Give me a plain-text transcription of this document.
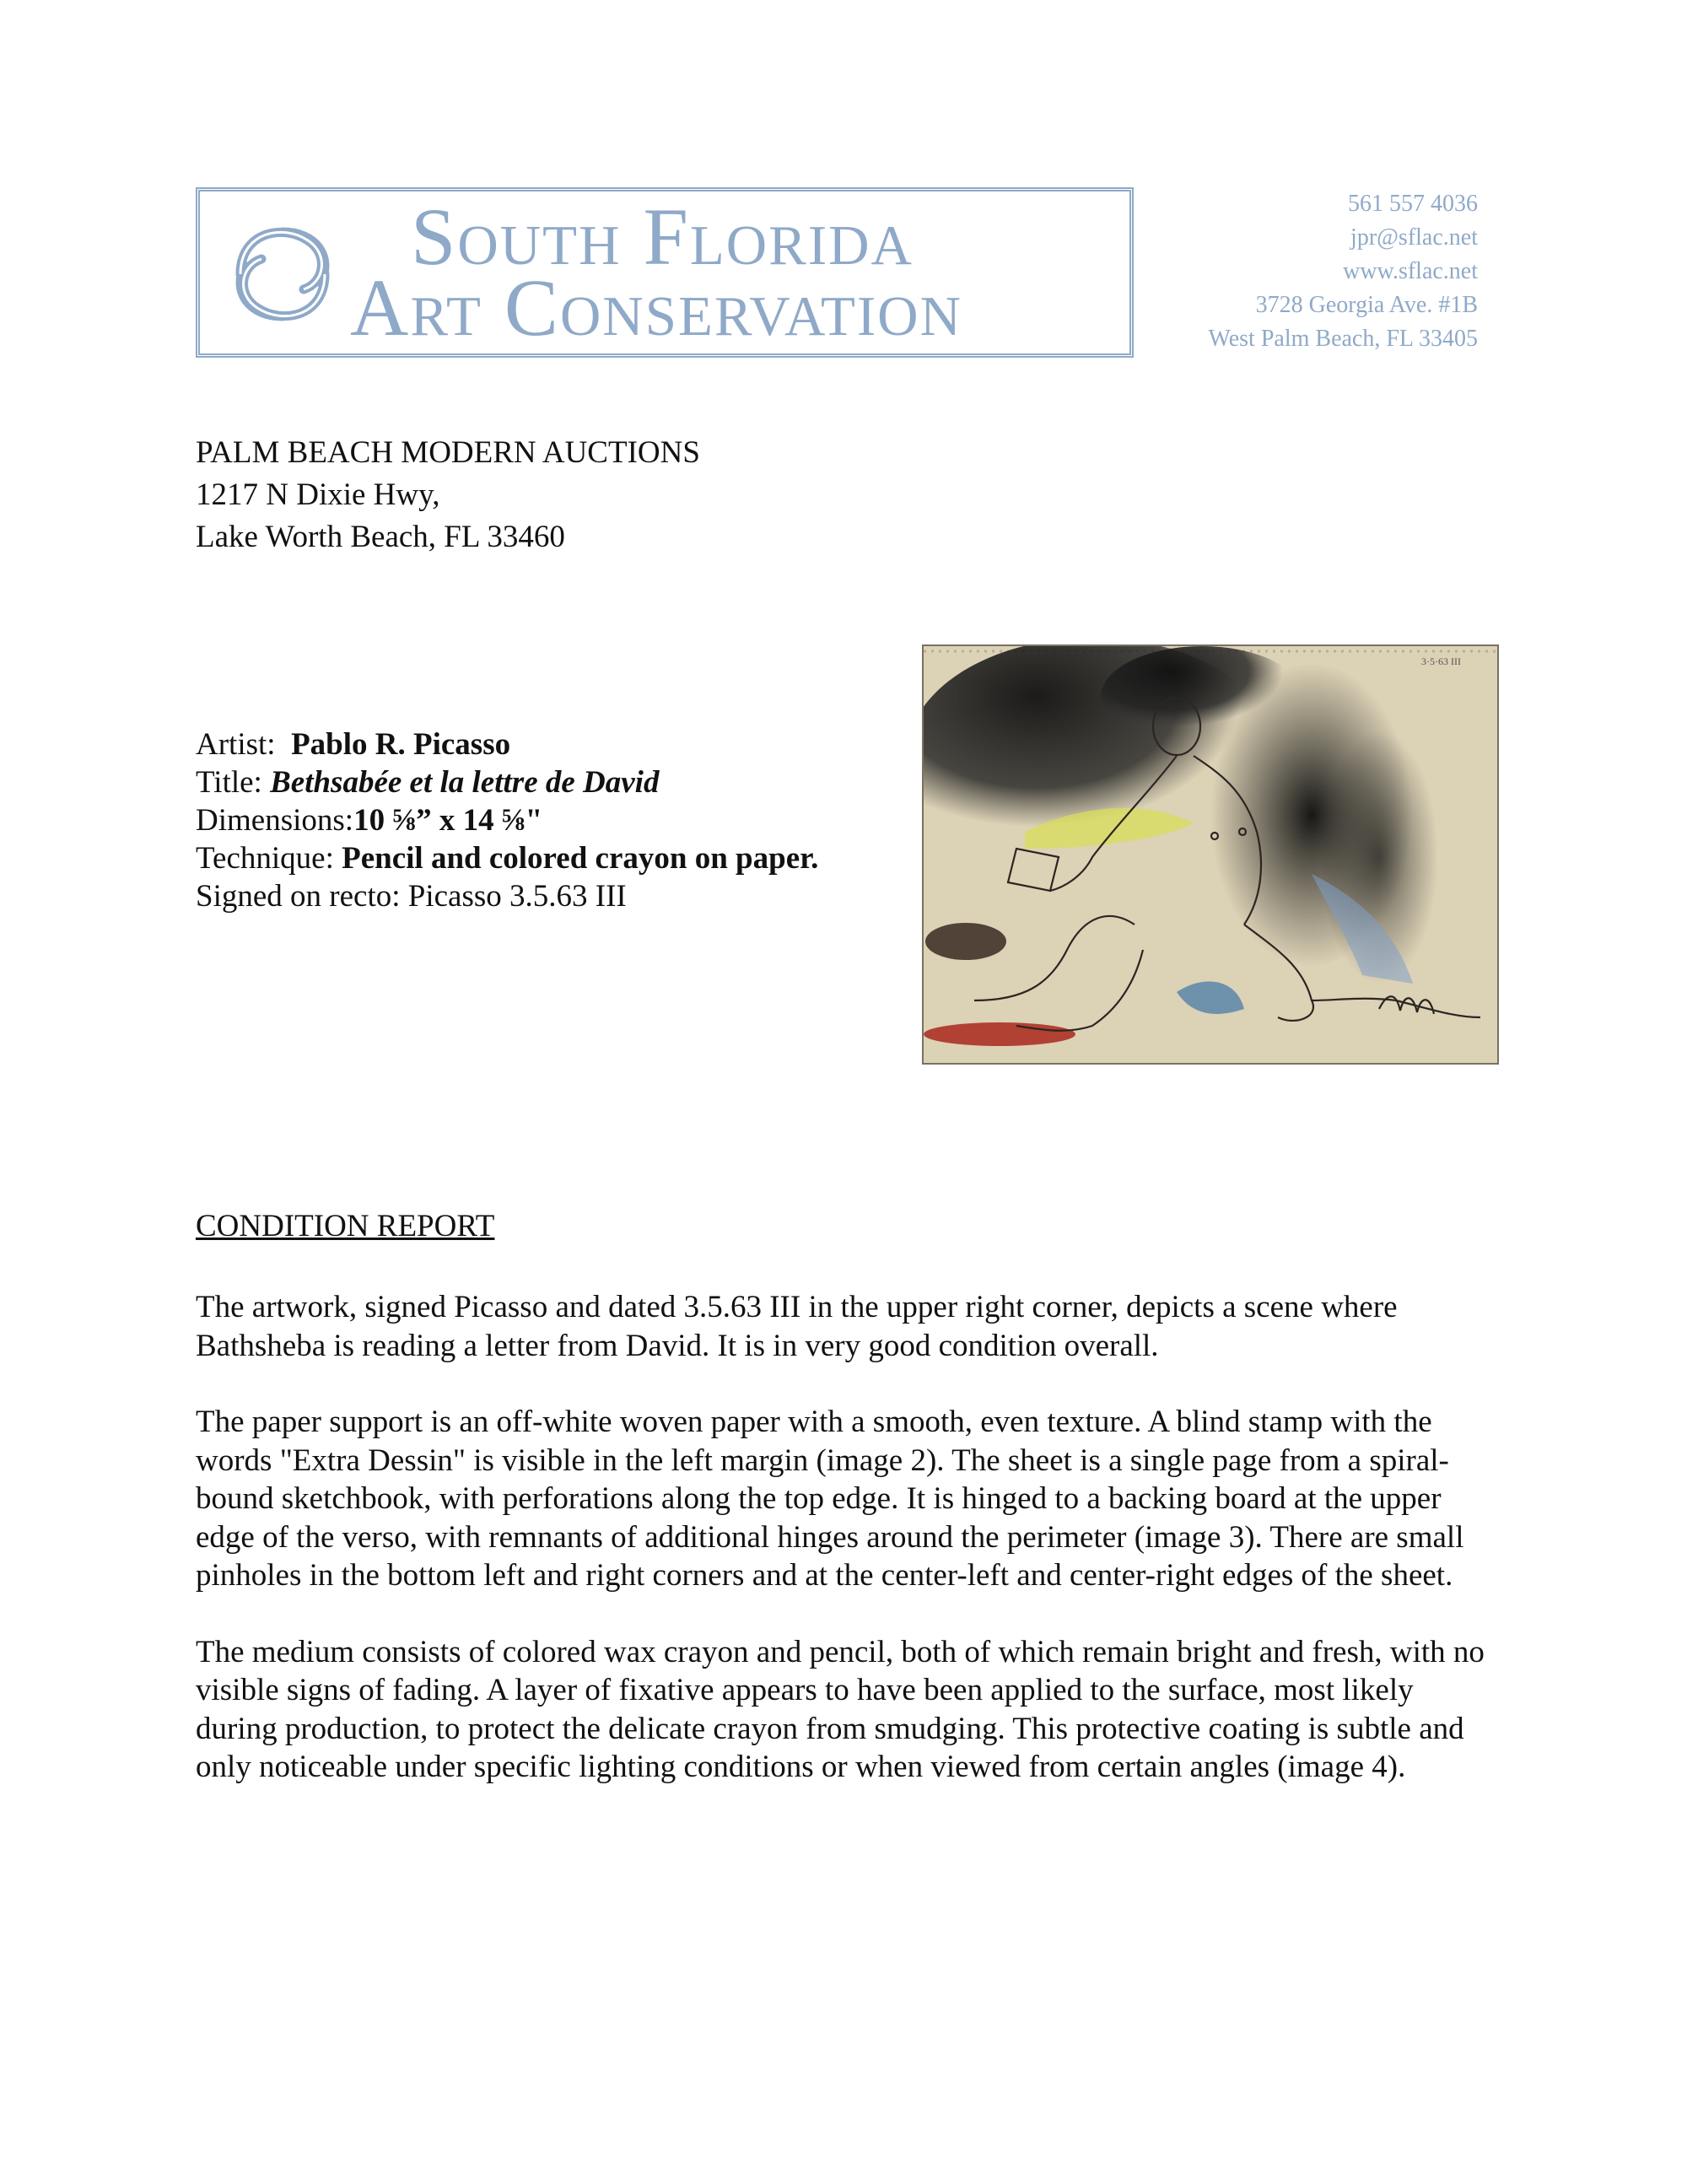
South Florida
Art Conservation
561 557 4036
jpr@sflac.net
www.sflac.net
3728 Georgia Ave. #1B
West Palm Beach, FL 33405
PALM BEACH MODERN AUCTIONS
1217 N Dixie Hwy,
Lake Worth Beach, FL 33460
Artist: Pablo R. Picasso
Title: Bethsabée et la lettre de David
Dimensions:10 ⅝” x 14 ⅝"
Technique: Pencil and colored crayon on paper.
Signed on recto: Picasso 3.5.63 III
3·5·63 III
CONDITION REPORT

The artwork, signed Picasso and dated 3.5.63 III in the upper right corner, depicts a scene where Bathsheba is reading a letter from David. It is in very good condition overall.

The paper support is an off-white woven paper with a smooth, even texture. A blind stamp with the words "Extra Dessin" is visible in the left margin (image 2). The sheet is a single page from a spiral-bound sketchbook, with perforations along the top edge. It is hinged to a backing board at the upper edge of the verso, with remnants of additional hinges around the perimeter (image 3). There are small pinholes in the bottom left and right corners and at the center-left and center-right edges of the sheet.

The medium consists of colored wax crayon and pencil, both of which remain bright and fresh, with no visible signs of fading. A layer of fixative appears to have been applied to the surface, most likely during production, to protect the delicate crayon from smudging. This protective coating is subtle and only noticeable under specific lighting conditions or when viewed from certain angles (image 4).
